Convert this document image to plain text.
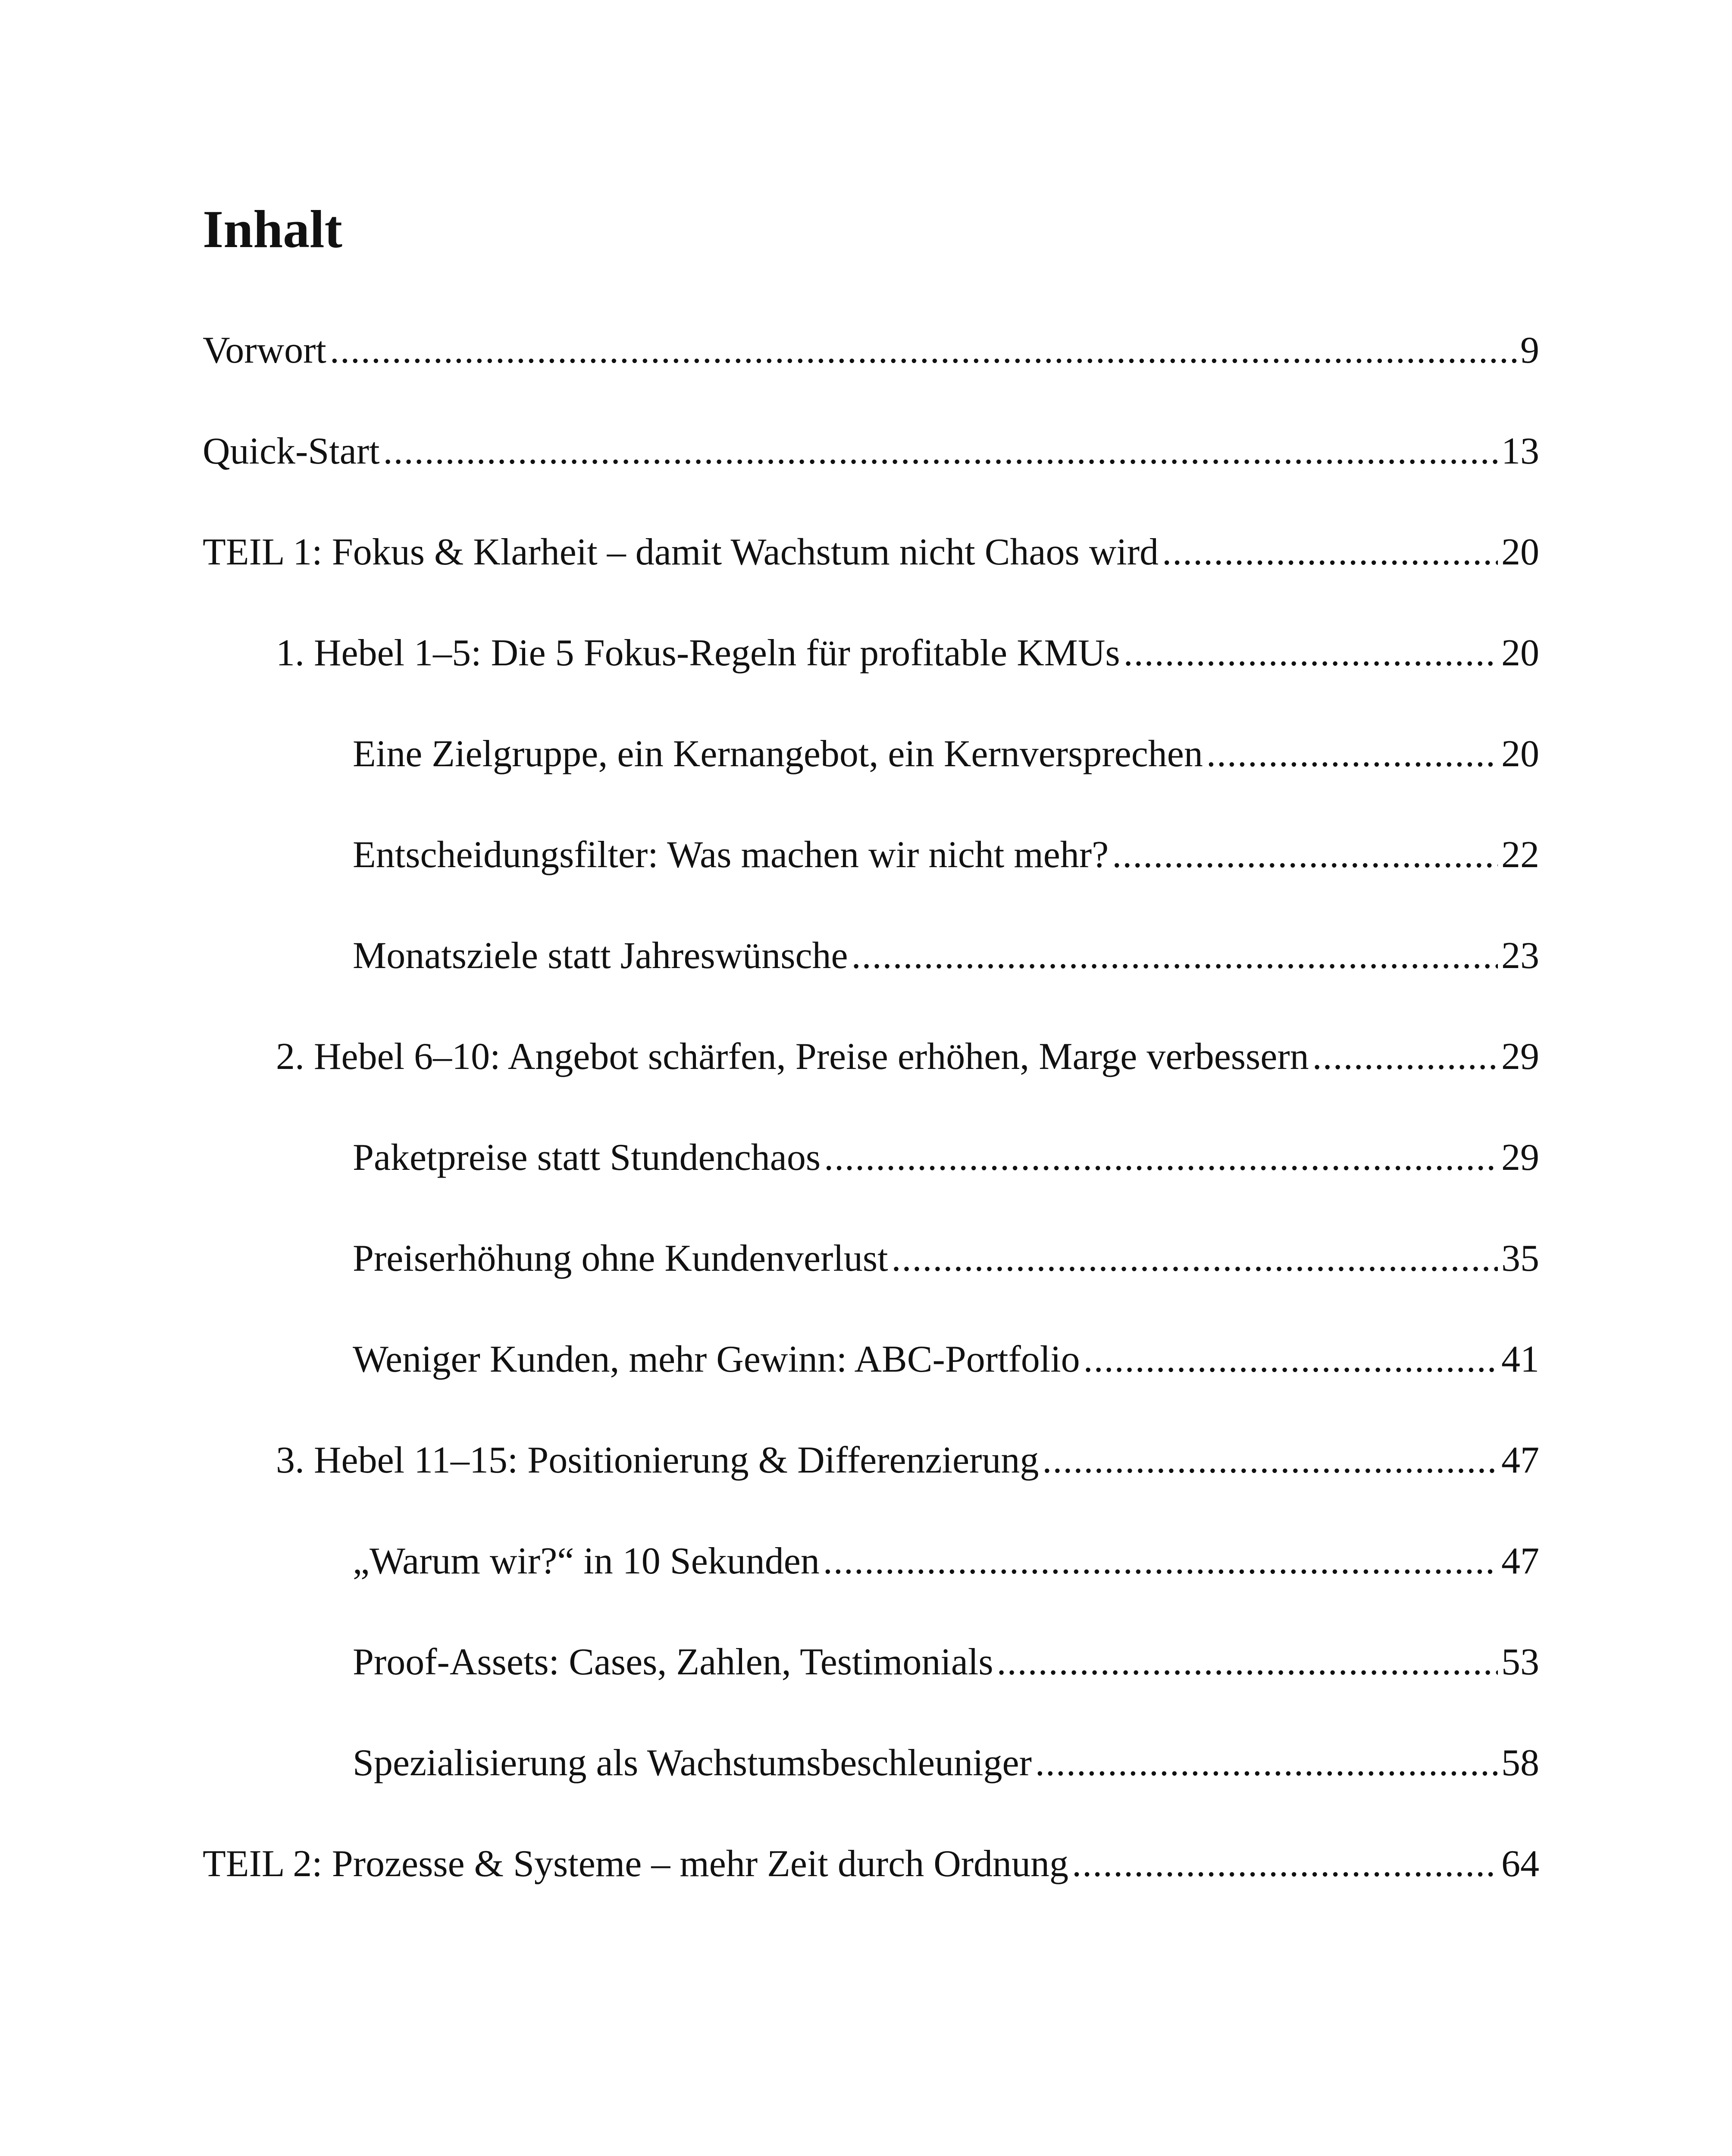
Inhalt
Vorwort .....	9
Quick-Start .....	13
TEIL 1: Fokus & Klarheit – damit Wachstum nicht Chaos wird .....	20
1. Hebel 1–5: Die 5 Fokus-Regeln für profitable KMUs .....	20
Eine Zielgruppe, ein Kernangebot, ein Kernversprechen .....	20
Entscheidungsfilter: Was machen wir nicht mehr? .....	22
Monatsziele statt Jahreswünsche .....	23
2. Hebel 6–10: Angebot schärfen, Preise erhöhen, Marge verbessern .....	29
Paketpreise statt Stundenchaos .....	29
Preiserhöhung ohne Kundenverlust .....	35
Weniger Kunden, mehr Gewinn: ABC-Portfolio .....	41
3. Hebel 11–15: Positionierung & Differenzierung .....	47
„Warum wir?“ in 10 Sekunden .....	47
Proof-Assets: Cases, Zahlen, Testimonials .....	53
Spezialisierung als Wachstumsbeschleuniger .....	58
TEIL 2: Prozesse & Systeme – mehr Zeit durch Ordnung .....	64
